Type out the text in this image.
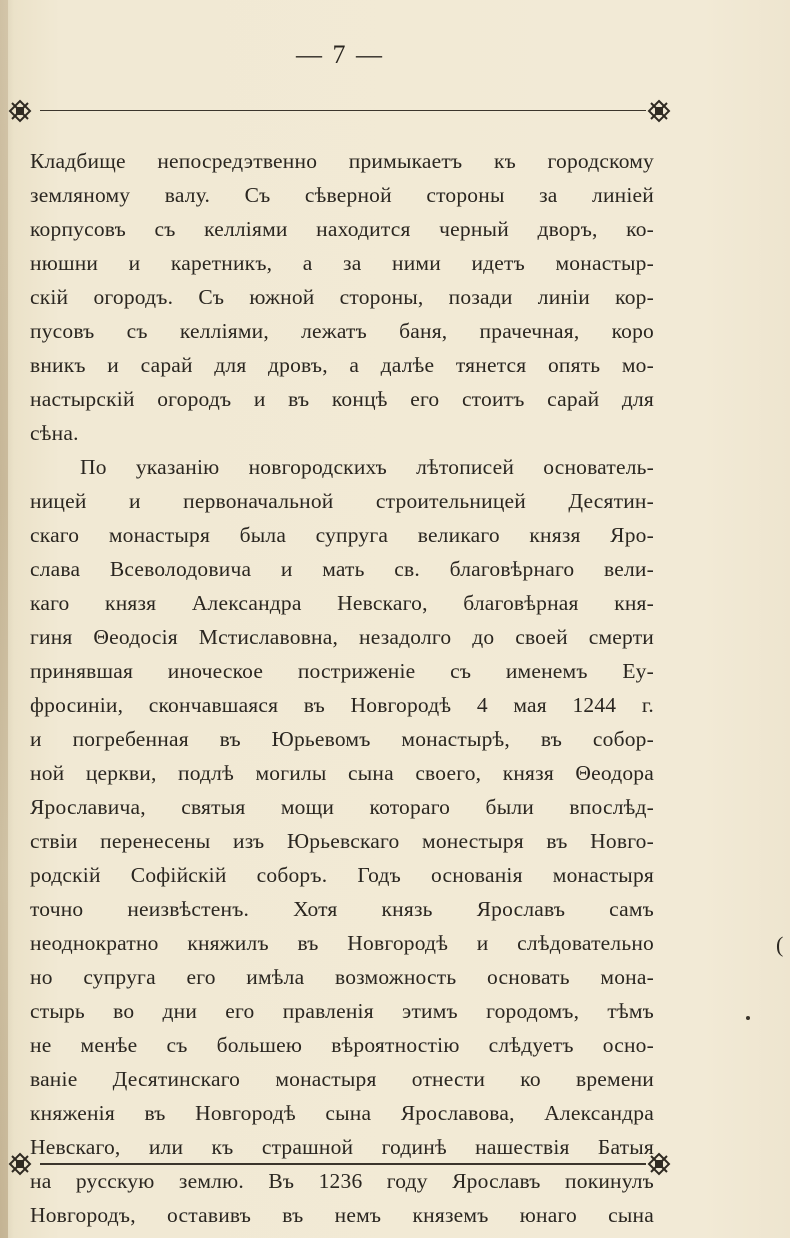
— 7 —
Кладбище непосредэтвенно примыкаетъ къ городскому
земляному валу. Съ сѣверной стороны за линіей
корпусовъ съ келліями находится черный дворъ, ко-
нюшни и каретникъ, а за ними идетъ монастыр-
скій огородъ. Съ южной стороны, позади линіи кор-
пусовъ съ келліями, лежатъ баня, прачечная, коро
вникъ и сарай для дровъ, а далѣе тянется опять мо-
настырскій огородъ и въ концѣ его стоитъ сарай для
сѣна.
По указанію новгородскихъ лѣтописей основатель-
ницей и первоначальной строительницей Десятин-
скаго монастыря была супруга великаго князя Яро-
слава Всеволодовича и мать св. благовѣрнаго вели-
каго князя Александра Невскаго, благовѣрная кня-
гиня Θеодосія Мстиславовна, незадолго до своей смерти
принявшая иноческое постриженіе съ именемъ Еу-
фросиніи, скончавшаяся въ Новгородѣ 4 мая 1244 г.
и погребенная въ Юрьевомъ монастырѣ, въ собор-
ной церкви, подлѣ могилы сына своего, князя Θеодора
Ярославича, святыя мощи котораго были впослѣд-
ствіи перенесены изъ Юрьевскаго монестыря въ Новго-
родскій Софійскій соборъ. Годъ основанія монастыря
точно неизвѣстенъ. Хотя князь Ярославъ самъ
неоднократно княжилъ въ Новгородѣ и слѣдовательно
но супруга его имѣла возможность основать мона-
стырь во дни его правленія этимъ городомъ, тѣмъ
не менѣе съ большею вѣроятностію слѣдуетъ осно-
ваніе Десятинскаго монастыря отнести ко времени
княженія въ Новгородѣ сына Ярославова, Александра
Невскаго, или къ страшной годинѣ нашествія Батыя
на русскую землю. Въ 1236 году Ярославъ покинулъ
Новгородъ, оставивъ въ немъ княземъ юнаго сына
(
